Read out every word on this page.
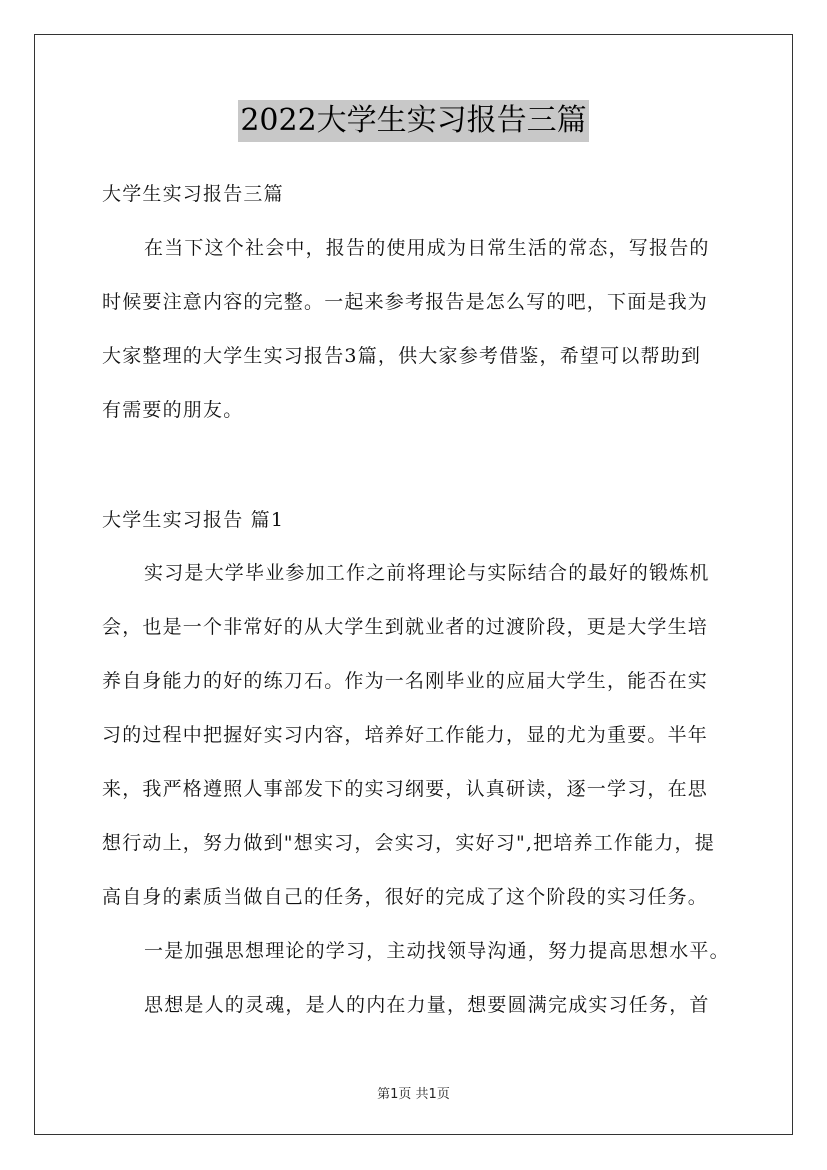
2022大学生实习报告三篇
大学生实习报告三篇
在当下这个社会中，报告的使用成为日常生活的常态，写报告的
时候要注意内容的完整。一起来参考报告是怎么写的吧，下面是我为
大家整理的大学生实习报告3篇，供大家参考借鉴，希望可以帮助到
有需要的朋友。
大学生实习报告 篇1
实习是大学毕业参加工作之前将理论与实际结合的最好的锻炼机
会，也是一个非常好的从大学生到就业者的过渡阶段，更是大学生培
养自身能力的好的练刀石。作为一名刚毕业的应届大学生，能否在实
习的过程中把握好实习内容，培养好工作能力，显的尤为重要。半年
来，我严格遵照人事部发下的实习纲要，认真研读，逐一学习，在思
想行动上，努力做到"想实习，会实习，实好习",把培养工作能力，提
高自身的素质当做自己的任务，很好的完成了这个阶段的实习任务。
一是加强思想理论的学习，主动找领导沟通，努力提高思想水平。
思想是人的灵魂，是人的内在力量，想要圆满完成实习任务，首
第1页 共1页
